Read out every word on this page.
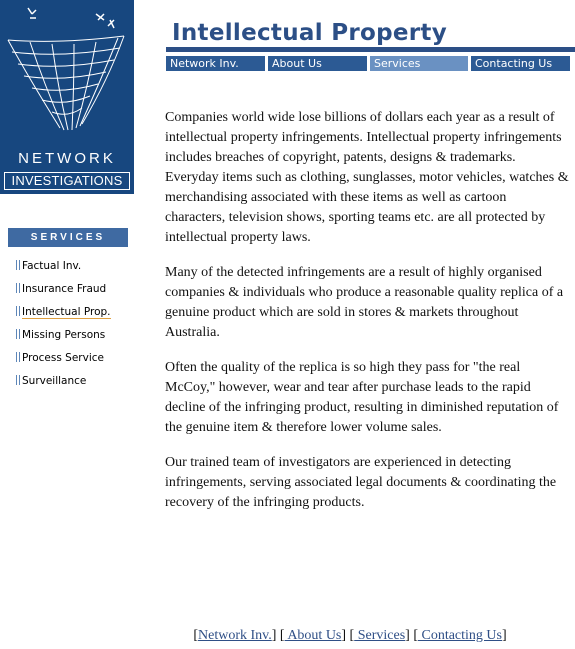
NETWORK
INVESTIGATIONS
SERVICES
Factual Inv.
Insurance Fraud
Intellectual Prop.
Missing Persons
Process Service
Surveillance
Intellectual Property
Network Inv.	About Us	Services	Contacting Us

Companies world wide lose billions of dollars each year as a result of intellectual property infringements. Intellectual property infringements includes breaches of copyright, patents, designs & trademarks. Everyday items such as clothing, sunglasses, motor vehicles, watches & merchandising associated with these items as well as cartoon characters, television shows, sporting teams etc. are all protected by intellectual property laws.

Many of the detected infringements are a result of highly organised companies & individuals who produce a reasonable quality replica of a genuine product which are sold in stores & markets throughout Australia.

Often the quality of the replica is so high they pass for "the real McCoy," however, wear and tear after purchase leads to the rapid decline of the infringing product, resulting in diminished reputation of the genuine item & therefore lower volume sales.

Our trained team of investigators are experienced in detecting infringements, serving associated legal documents & coordinating the recovery of the infringing products.

[Network Inv.] [ About Us] [ Services] [ Contacting Us]
